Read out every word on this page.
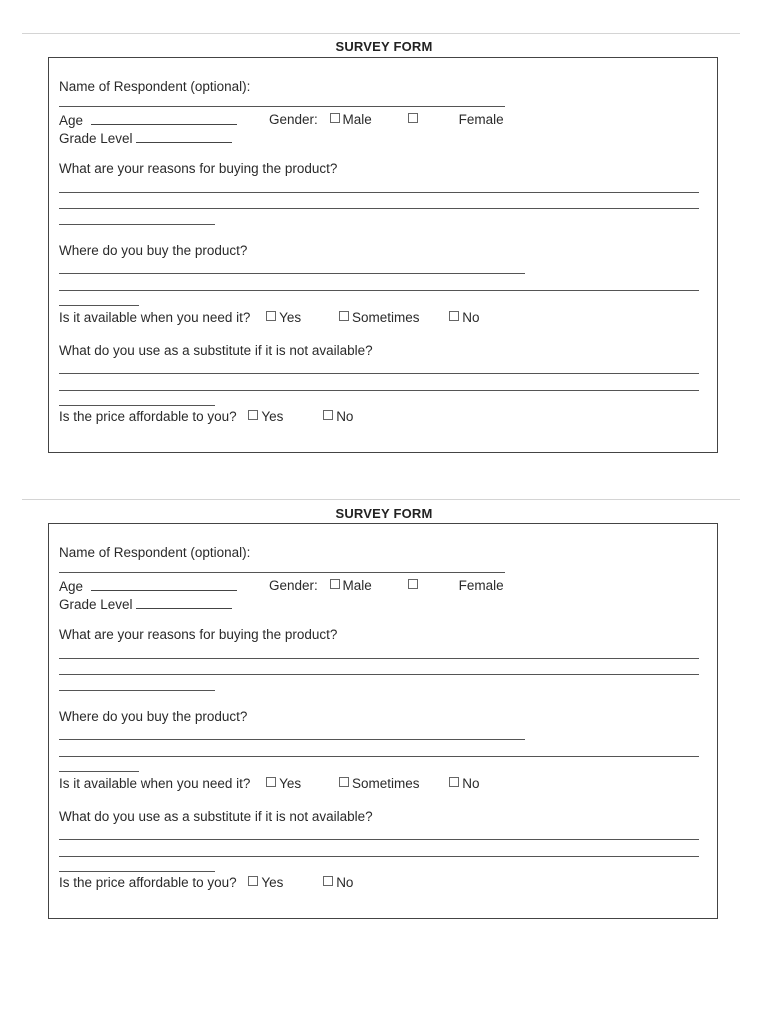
SURVEY FORM
Name of Respondent (optional):
Age	Gender: Male	Female
Grade Level
What are your reasons for buying the product?
Where do you buy the product?
Is it available when you need it? Yes	Sometimes	No
What do you use as a substitute if it is not available?
Is the price affordable to you? Yes	No
SURVEY FORM
Name of Respondent (optional):
Age	Gender: Male	Female
Grade Level
What are your reasons for buying the product?
Where do you buy the product?
Is it available when you need it? Yes	Sometimes	No
What do you use as a substitute if it is not available?
Is the price affordable to you? Yes	No
